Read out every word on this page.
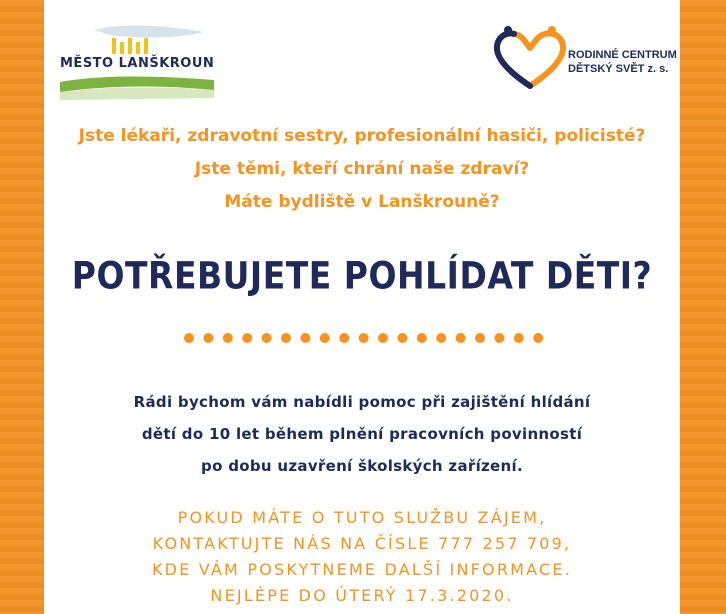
MĚSTO LANŠKROUN
RODINNÉ CENTRUM
DĚTSKÝ SVĚT z. s.
Jste lékaři, zdravotní sestry, profesionální hasiči, policisté?
Jste těmi, kteří chrání naše zdraví?
Máte bydliště v Lanškrouně?
POTŘEBUJETE POHLÍDAT DĚTI?
Rádi bychom vám nabídli pomoc při zajištění hlídání
dětí do 10 let během plnění pracovních povinností
po dobu uzavření školských zařízení.
POKUD MÁTE O TUTO SLUŽBU ZÁJEM,
KONTAKTUJTE NÁS NA ČÍSLE 777 257 709,
KDE VÁM POSKYTNEME DALŠÍ INFORMACE.
NEJLÉPE DO ÚTERÝ 17.3.2020.
